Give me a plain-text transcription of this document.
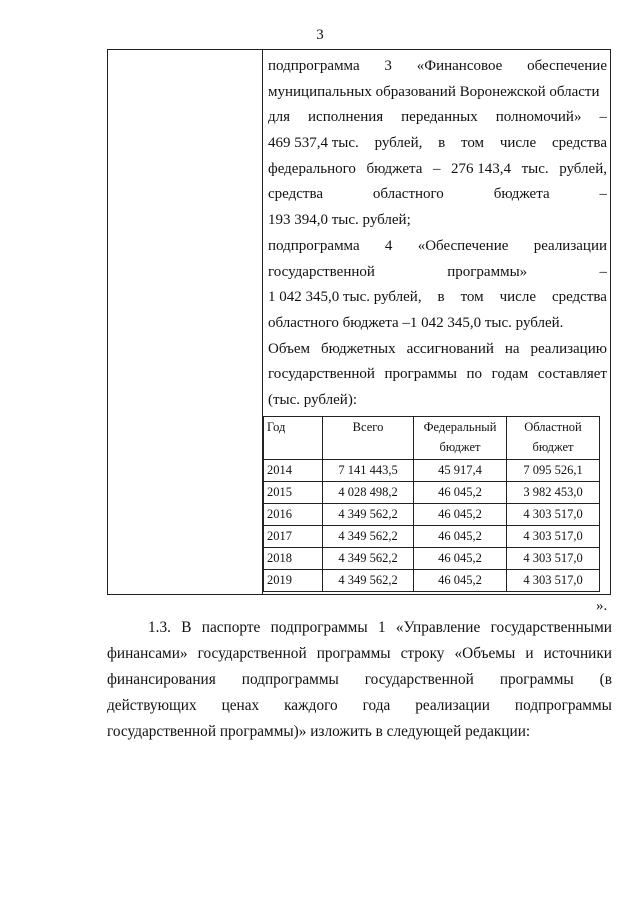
3

подпрограмма 3 «Финансовое обеспечение
муниципальных образований Воронежской области
для исполнения переданных полномочий» –
469 537,4 тыс. рублей, в том числе средства
федерального бюджета – 276 143,4 тыс. рублей,
средства	областного	бюджета	–
193 394,0 тыс. рублей;
подпрограмма 4 «Обеспечение реализации
государственной	программы»	–
1 042 345,0 тыс. рублей, в том числе средства
областного бюджета –1 042 345,0 тыс. рублей.
Объем бюджетных ассигнований на реализацию
государственной программы по годам составляет
(тыс. рублей):
Год	Всего	Федеральный бюджет	Областной бюджет
2014	7 141 443,5	45 917,4	7 095 526,1
2015	4 028 498,2	46 045,2	3 982 453,0
2016	4 349 562,2	46 045,2	4 303 517,0
2017	4 349 562,2	46 045,2	4 303 517,0
2018	4 349 562,2	46 045,2	4 303 517,0
2019	4 349 562,2	46 045,2	4 303 517,0
».
1.3. В паспорте подпрограммы 1 «Управление государственными
финансами» государственной программы строку «Объемы и источники
финансирования подпрограммы государственной программы (в
действующих ценах каждого года реализации подпрограммы
государственной программы)» изложить в следующей редакции:
